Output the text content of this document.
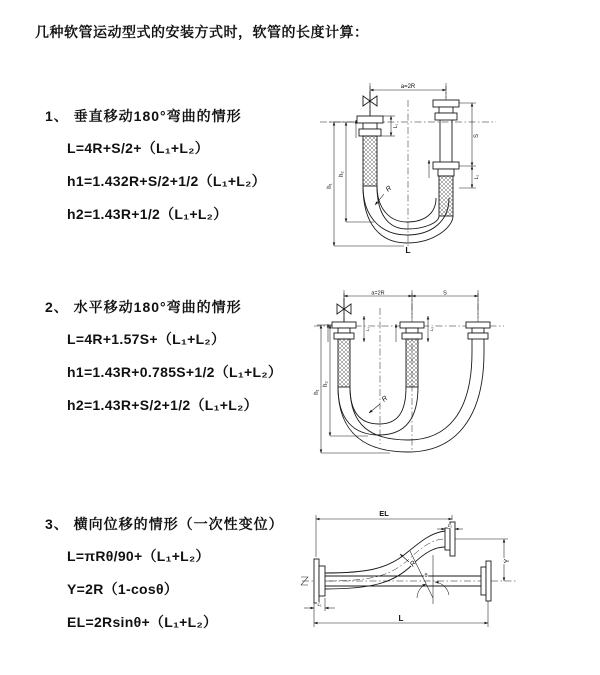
几种软管运动型式的安装方式时，软管的长度计算：
1、 垂直移动180°弯曲的情形
L=4R+S/2+（L₁+L₂）
h1=1.432R+S/2+1/2（L₁+L₂）
h2=1.43R+1/2（L₁+L₂）
a=2R
h₁
h₂
S
L₂
L₁
R
L
2、 水平移动180°弯曲的情形
L=4R+1.57S+（L₁+L₂）
h1=1.43R+0.785S+1/2（L₁+L₂）
h2=1.43R+S/2+1/2（L₁+L₂）
a=2R	S
h₁
h₂
L₁	L₂
R
3、 横向位移的情形（一次性变位）
L=πRθ/90+（L₁+L₂）
Y=2R（1-cosθ）
EL=2Rsinθ+（L₁+L₂）
EL
L₂
Y
L
L₁
R
θ
